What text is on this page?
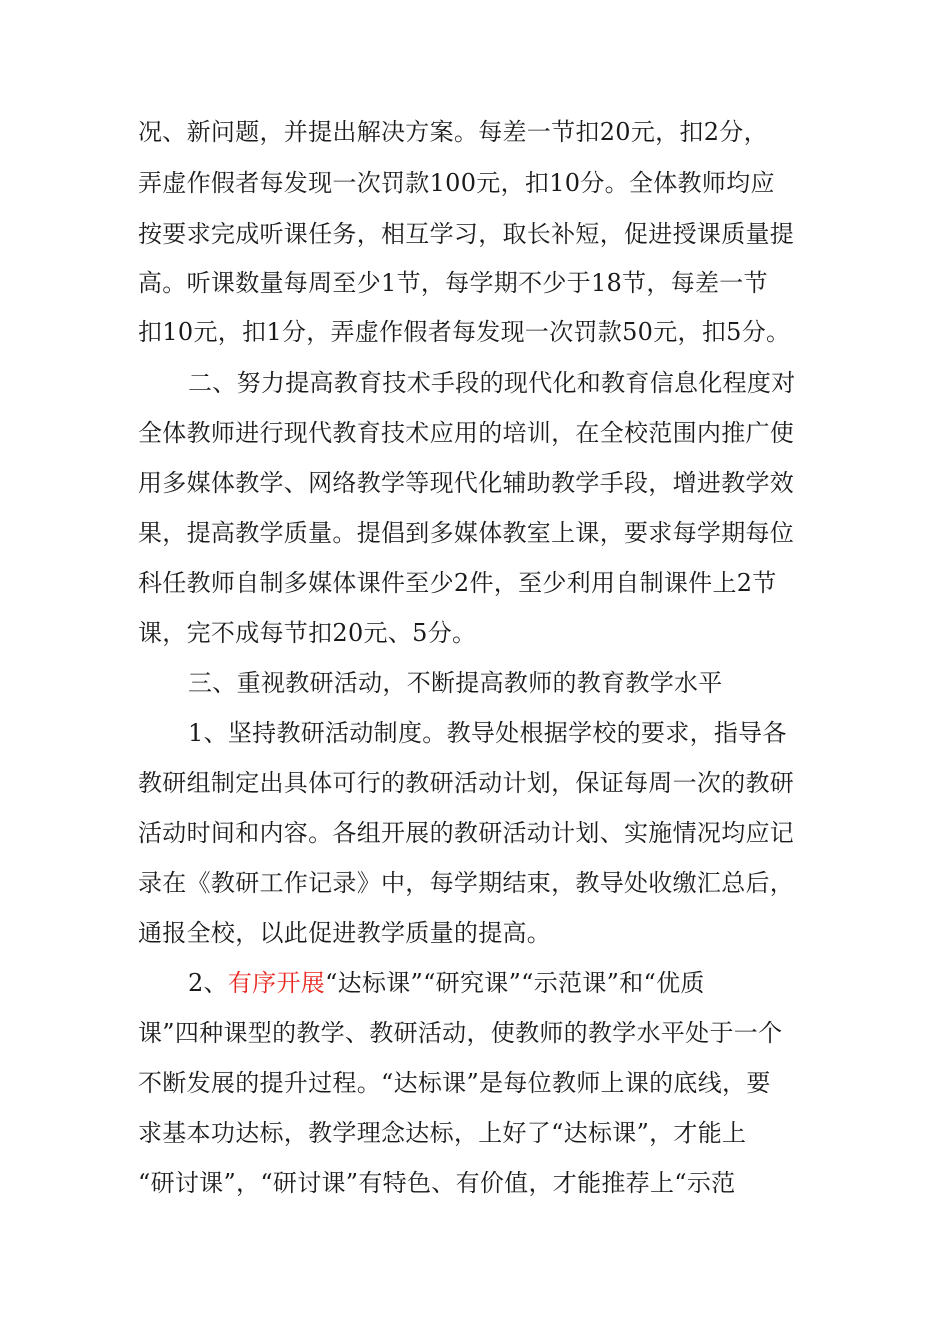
况、新问题，并提出解决方案。每差一节扣20元，扣2分，
弄虚作假者每发现一次罚款100元，扣10分。全体教师均应
按要求完成听课任务，相互学习，取长补短，促进授课质量提
高。听课数量每周至少1节，每学期不少于18节，每差一节
扣10元，扣1分，弄虚作假者每发现一次罚款50元，扣5分。
二、努力提高教育技术手段的现代化和教育信息化程度对
全体教师进行现代教育技术应用的培训，在全校范围内推广使
用多媒体教学、网络教学等现代化辅助教学手段，增进教学效
果，提高教学质量。提倡到多媒体教室上课，要求每学期每位
科任教师自制多媒体课件至少2件，至少利用自制课件上2节
课，完不成每节扣20元、5分。
三、重视教研活动，不断提高教师的教育教学水平
1、坚持教研活动制度。教导处根据学校的要求，指导各
教研组制定出具体可行的教研活动计划，保证每周一次的教研
活动时间和内容。各组开展的教研活动计划、实施情况均应记
录在《教研工作记录》中，每学期结束，教导处收缴汇总后，
通报全校，以此促进教学质量的提高。
2、有序开展“达标课”“研究课”“示范课”和“优质
课”四种课型的教学、教研活动，使教师的教学水平处于一个
不断发展的提升过程。“达标课”是每位教师上课的底线，要
求基本功达标，教学理念达标，上好了“达标课”，才能上
“研讨课”，“研讨课”有特色、有价值，才能推荐上“示范
